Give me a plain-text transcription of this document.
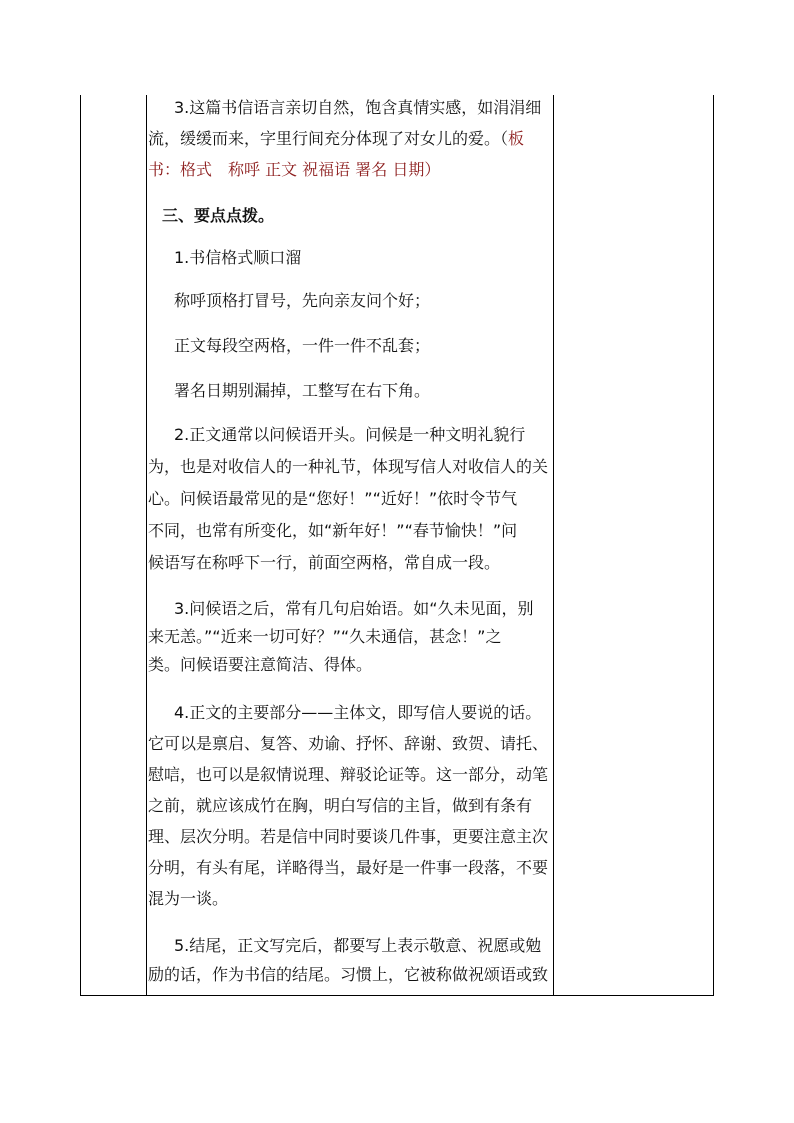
3.这篇书信语言亲切自然，饱含真情实感，如涓涓细
流，缓缓而来，字里行间充分体现了对女儿的爱。（板
书：格式　称呼 正文 祝福语 署名 日期）
三、要点点拨。
1.书信格式顺口溜
称呼顶格打冒号，先向亲友问个好；
正文每段空两格，一件一件不乱套；
署名日期别漏掉，工整写在右下角。
2.正文通常以问候语开头。问候是一种文明礼貌行
为，也是对收信人的一种礼节，体现写信人对收信人的关
心。问候语最常见的是“您好！”“近好！”依时令节气
不同，也常有所变化，如“新年好！”“春节愉快！”问
候语写在称呼下一行，前面空两格，常自成一段。
3.问候语之后，常有几句启始语。如“久未见面，别
来无恙。”“近来一切可好？”“久未通信，甚念！”之
类。问候语要注意简洁、得体。
4.正文的主要部分——主体文，即写信人要说的话。
它可以是禀启、复答、劝谕、抒怀、辞谢、致贺、请托、
慰唁，也可以是叙情说理、辩驳论证等。这一部分，动笔
之前，就应该成竹在胸，明白写信的主旨，做到有条有
理、层次分明。若是信中同时要谈几件事，更要注意主次
分明，有头有尾，详略得当，最好是一件事一段落，不要
混为一谈。
5.结尾，正文写完后，都要写上表示敬意、祝愿或勉
励的话，作为书信的结尾。习惯上，它被称做祝颂语或致
